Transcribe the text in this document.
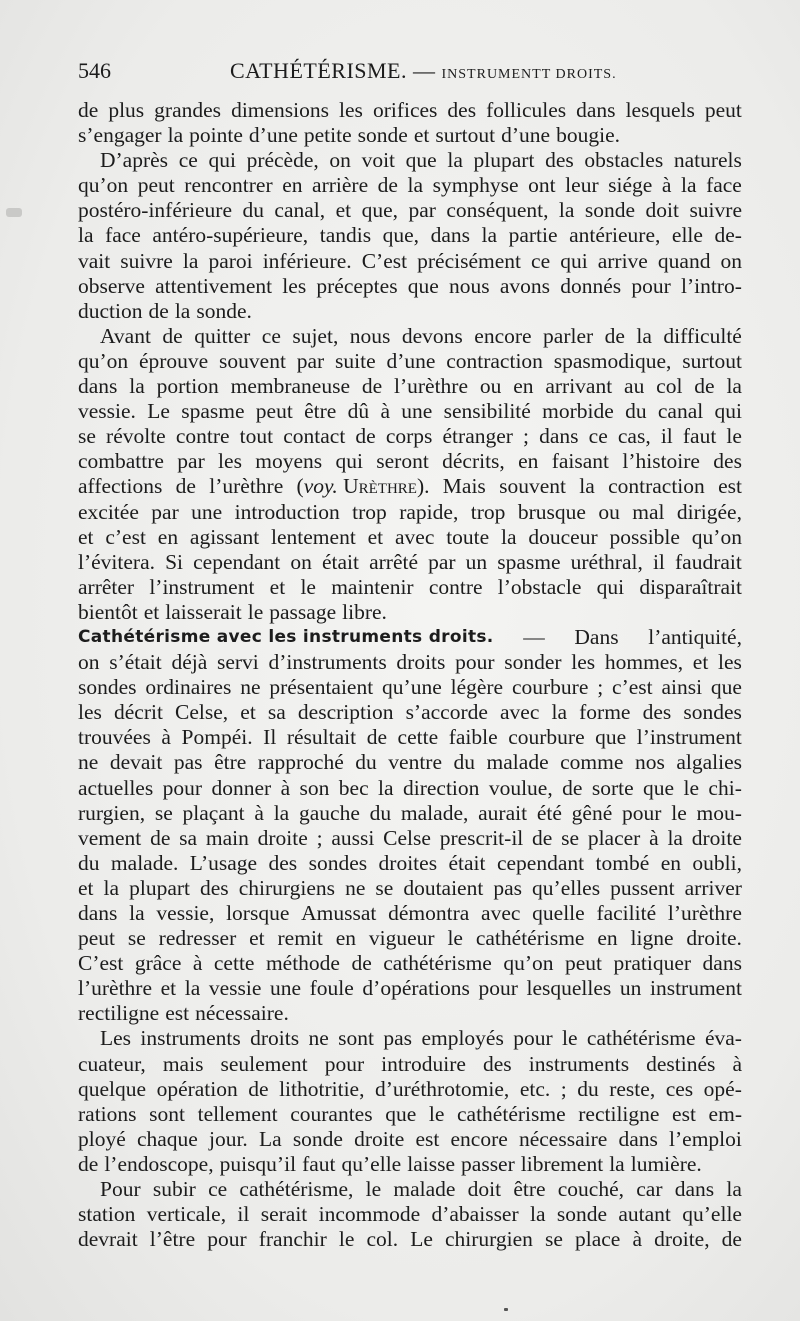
546	CATHÉTÉRISME. — INSTRUMENTT DROITS.
de plus grandes dimensions les orifices des follicules dans lesquels peut
s’engager la pointe d’une petite sonde et surtout d’une bougie.
D’après ce qui précède, on voit que la plupart des obstacles naturels
qu’on peut rencontrer en arrière de la symphyse ont leur siége à la face
postéro-inférieure du canal, et que, par conséquent, la sonde doit suivre
la face antéro-supérieure, tandis que, dans la partie antérieure, elle de-
vait suivre la paroi inférieure. C’est précisément ce qui arrive quand on
observe attentivement les préceptes que nous avons donnés pour l’intro-
duction de la sonde.
Avant de quitter ce sujet, nous devons encore parler de la difficulté
qu’on éprouve souvent par suite d’une contraction spasmodique, surtout
dans la portion membraneuse de l’urèthre ou en arrivant au col de la
vessie. Le spasme peut être dû à une sensibilité morbide du canal qui
se révolte contre tout contact de corps étranger ; dans ce cas, il faut le
combattre par les moyens qui seront décrits, en faisant l’histoire des
affections de l’urèthre (voy. Urèthre). Mais souvent la contraction est
excitée par une introduction trop rapide, trop brusque ou mal dirigée,
et c’est en agissant lentement et avec toute la douceur possible qu’on
l’évitera. Si cependant on était arrêté par un spasme uréthral, il faudrait
arrêter l’instrument et le maintenir contre l’obstacle qui disparaîtrait
bientôt et laisserait le passage libre.
Cathétérisme avec les instruments droits. — Dans l’antiquité,
on s’était déjà servi d’instruments droits pour sonder les hommes, et les
sondes ordinaires ne présentaient qu’une légère courbure ; c’est ainsi que
les décrit Celse, et sa description s’accorde avec la forme des sondes
trouvées à Pompéi. Il résultait de cette faible courbure que l’instrument
ne devait pas être rapproché du ventre du malade comme nos algalies
actuelles pour donner à son bec la direction voulue, de sorte que le chi-
rurgien, se plaçant à la gauche du malade, aurait été gêné pour le mou-
vement de sa main droite ; aussi Celse prescrit-il de se placer à la droite
du malade. L’usage des sondes droites était cependant tombé en oubli,
et la plupart des chirurgiens ne se doutaient pas qu’elles pussent arriver
dans la vessie, lorsque Amussat démontra avec quelle facilité l’urèthre
peut se redresser et remit en vigueur le cathétérisme en ligne droite.
C’est grâce à cette méthode de cathétérisme qu’on peut pratiquer dans
l’urèthre et la vessie une foule d’opérations pour lesquelles un instrument
rectiligne est nécessaire.
Les instruments droits ne sont pas employés pour le cathétérisme éva-
cuateur, mais seulement pour introduire des instruments destinés à
quelque opération de lithotritie, d’uréthrotomie, etc. ; du reste, ces opé-
rations sont tellement courantes que le cathétérisme rectiligne est em-
ployé chaque jour. La sonde droite est encore nécessaire dans l’emploi
de l’endoscope, puisqu’il faut qu’elle laisse passer librement la lumière.
Pour subir ce cathétérisme, le malade doit être couché, car dans la
station verticale, il serait incommode d’abaisser la sonde autant qu’elle
devrait l’être pour franchir le col. Le chirurgien se place à droite, de
